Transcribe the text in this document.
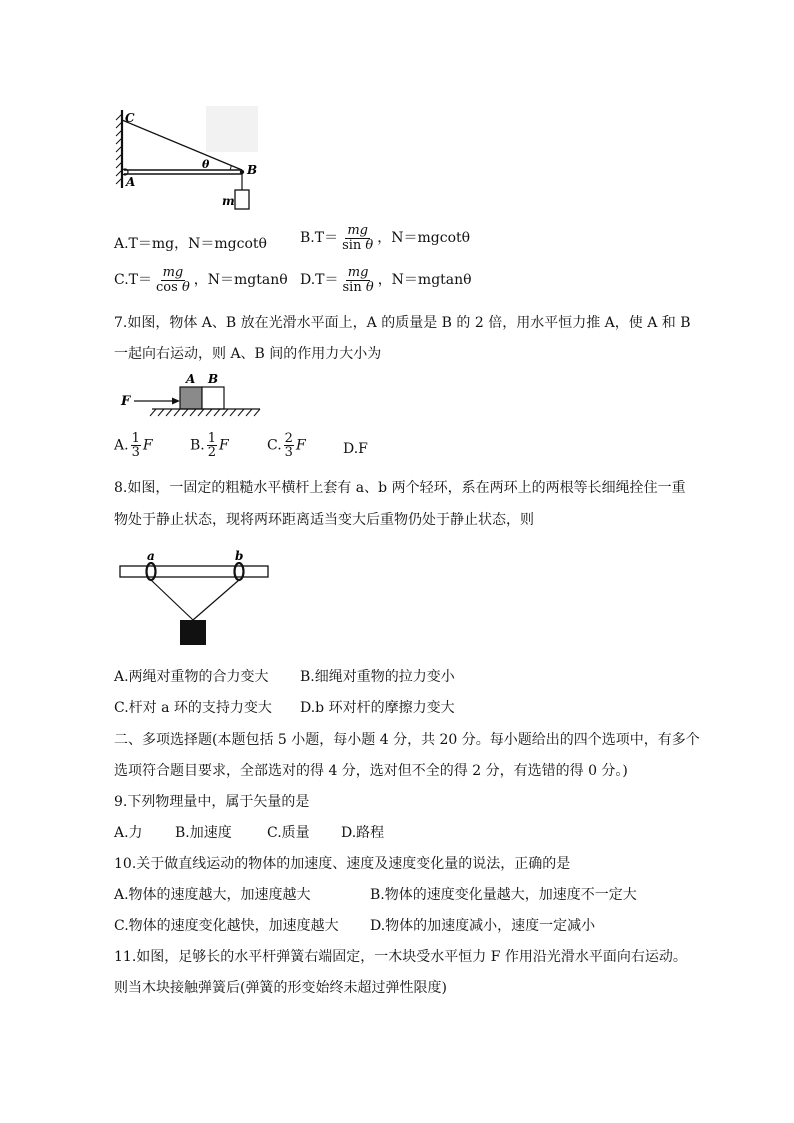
C
A
B
θ
m
A.T＝mg，N＝mgcotθ $B.T= \frac{mg}{\text{sin θ}}$ ，N＝mgcotθ
$C.T= \frac{mg}{\text{cos θ}}$ ，N＝mgtanθ $D.T= \frac{mg}{\text{sin θ}}$ ，N＝mgtanθ
7.如图，物体 A、B 放在光滑水平面上，A 的质量是 B 的 2 倍，用水平恒力推 A，使 A 和 B
一起向右运动，则 A、B 间的作用力大小为
F
A B
A. $\frac{1}{3}$ F	B. $\frac{1}{2}$ F	C. $\frac{2}{3}$ F	D.F
8.如图，一固定的粗糙水平横杆上套有 a、b 两个轻环，系在两环上的两根等长细绳拴住一重
物处于静止状态，现将两环距离适当变大后重物仍处于静止状态，则
a	b
A.两绳对重物的合力变大 B.细绳对重物的拉力变小
C.杆对 a 环的支持力变大 D.b 环对杆的摩擦力变大
二、多项选择题(本题包括 5 小题，每小题 4 分，共 20 分。每小题给出的四个选项中，有多个
选项符合题目要求，全部选对的得 4 分，选对但不全的得 2 分，有选错的得 0 分。)
9.下列物理量中，属于矢量的是
A.力 B.加速度	C.质量 D.路程
10.关于做直线运动的物体的加速度、速度及速度变化量的说法，正确的是
A.物体的速度越大，加速度越大	B.物体的速度变化量越大，加速度不一定大
C.物体的速度变化越快，加速度越大 D.物体的加速度减小，速度一定减小
11.如图，足够长的水平杆弹簧右端固定，一木块受水平恒力 F 作用沿光滑水平面向右运动。
则当木块接触弹簧后(弹簧的形变始终未超过弹性限度)
